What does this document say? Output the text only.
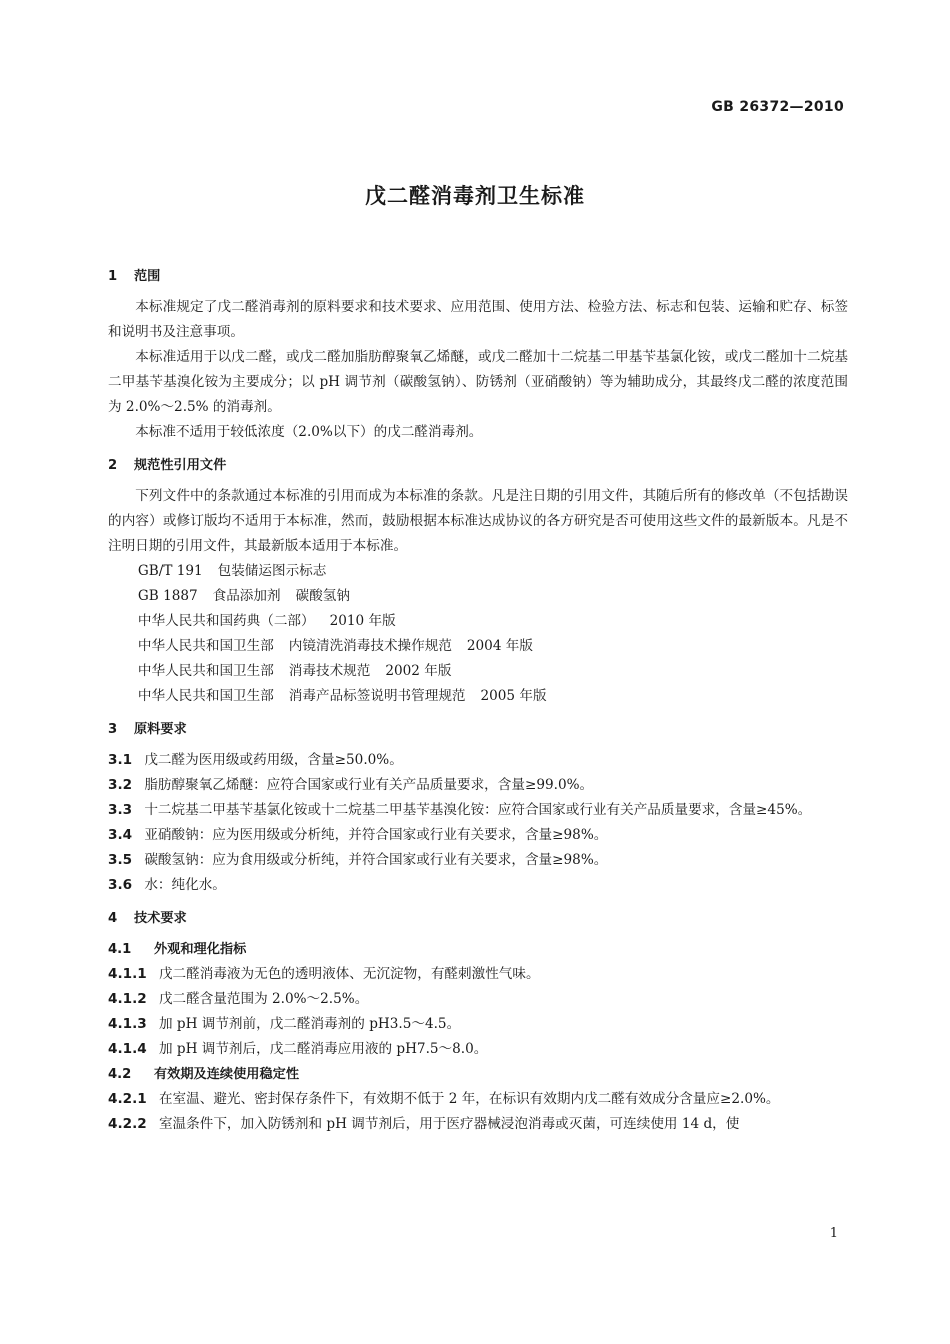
GB 26372—2010
戊二醛消毒剂卫生标准
1 范围

本标准规定了戊二醛消毒剂的原料要求和技术要求、应用范围、使用方法、检验方法、标志和包装、运输和贮存、标签和说明书及注意事项。

本标准适用于以戊二醛，或戊二醛加脂肪醇聚氧乙烯醚，或戊二醛加十二烷基二甲基苄基氯化铵，或戊二醛加十二烷基二甲基苄基溴化铵为主要成分；以 pH 调节剂（碳酸氢钠）、防锈剂（亚硝酸钠）等为辅助成分，其最终戊二醛的浓度范围为 2.0%～2.5% 的消毒剂。

本标准不适用于较低浓度（2.0%以下）的戊二醛消毒剂。

2 规范性引用文件

下列文件中的条款通过本标准的引用而成为本标准的条款。凡是注日期的引用文件，其随后所有的修改单（不包括勘误的内容）或修订版均不适用于本标准，然而，鼓励根据本标准达成协议的各方研究是否可使用这些文件的最新版本。凡是不注明日期的引用文件，其最新版本适用于本标准。

GB/T 191 包装储运图示标志

GB 1887 食品添加剂 碳酸氢钠

中华人民共和国药典（二部） 2010 年版

中华人民共和国卫生部 内镜清洗消毒技术操作规范 2004 年版

中华人民共和国卫生部 消毒技术规范 2002 年版

中华人民共和国卫生部 消毒产品标签说明书管理规范 2005 年版

3 原料要求

3.1 戊二醛为医用级或药用级，含量≥50.0%。

3.2 脂肪醇聚氧乙烯醚：应符合国家或行业有关产品质量要求，含量≥99.0%。

3.3 十二烷基二甲基苄基氯化铵或十二烷基二甲基苄基溴化铵：应符合国家或行业有关产品质量要求，含量≥45%。

3.4 亚硝酸钠：应为医用级或分析纯，并符合国家或行业有关要求，含量≥98%。

3.5 碳酸氢钠：应为食用级或分析纯，并符合国家或行业有关要求，含量≥98%。

3.6 水：纯化水。

4 技术要求
4.1 外观和理化指标

4.1.1 戊二醛消毒液为无色的透明液体、无沉淀物，有醛刺激性气味。

4.1.2 戊二醛含量范围为 2.0%～2.5%。

4.1.3 加 pH 调节剂前，戊二醛消毒剂的 pH3.5～4.5。

4.1.4 加 pH 调节剂后，戊二醛消毒应用液的 pH7.5～8.0。

4.2 有效期及连续使用稳定性

4.2.1 在室温、避光、密封保存条件下，有效期不低于 2 年，在标识有效期内戊二醛有效成分含量应≥2.0%。

4.2.2 室温条件下，加入防锈剂和 pH 调节剂后，用于医疗器械浸泡消毒或灭菌，可连续使用 14 d，使

1
